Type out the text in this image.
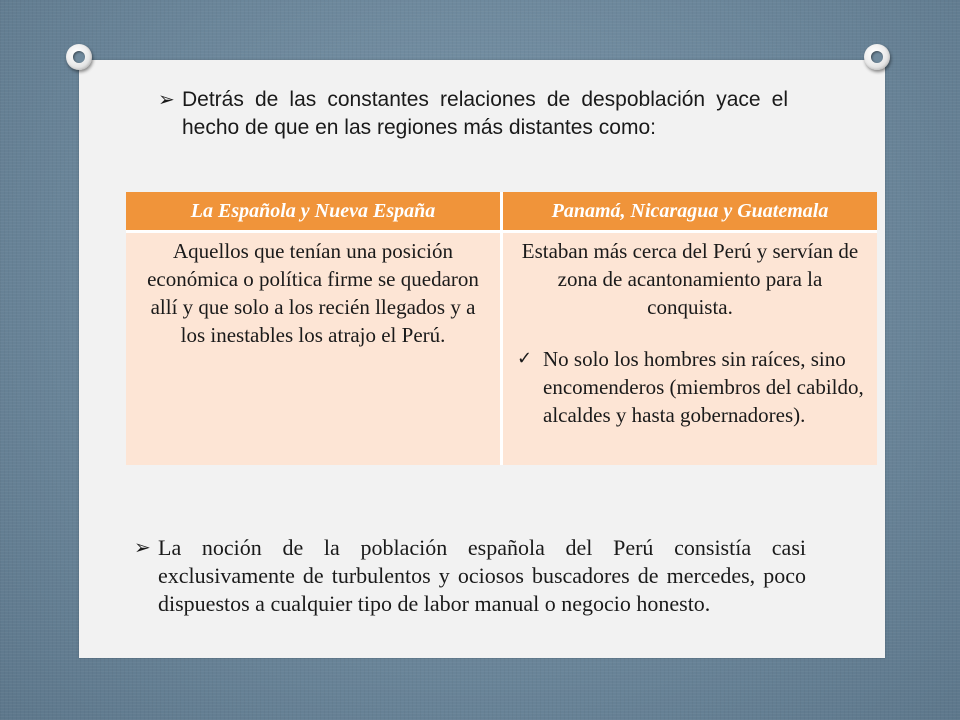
➢ Detrás de las constantes relaciones de despoblación yace el hecho de que en las regiones más distantes como:
La Española y Nueva España	Panamá, Nicaragua y Guatemala

Aquellos que tenían una posición económica o política firme se quedaron allí y que solo a los recién llegados y a los inestables los atrajo el Perú.	Estaban más cerca del Perú y servían de zona de acantonamiento para la conquista.
✓ No solo los hombres sin raíces, sino encomenderos (miembros del cabildo, alcaldes y hasta gobernadores).
➢ La noción de la población española del Perú consistía casi exclusivamente de turbulentos y ociosos buscadores de mercedes, poco dispuestos a cualquier tipo de labor manual o negocio honesto.
